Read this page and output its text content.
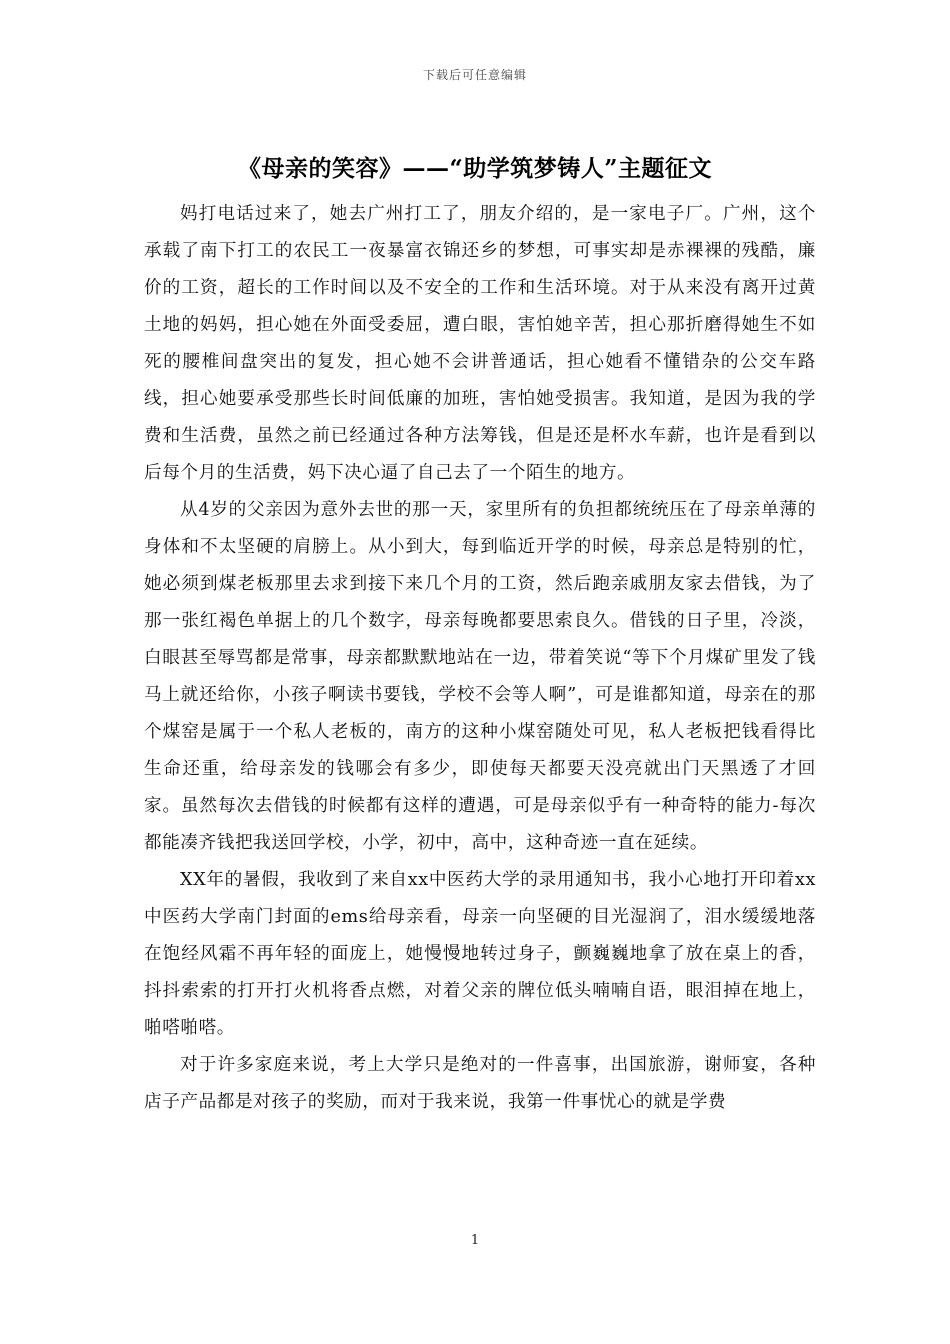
下载后可任意编辑
《母亲的笑容》——“助学筑梦铸人”主题征文

妈打电话过来了，她去广州打工了，朋友介绍的，是一家电子厂。广州，这个承载了南下打工的农民工一夜暴富衣锦还乡的梦想，可事实却是赤裸裸的残酷，廉价的工资，超长的工作时间以及不安全的工作和生活环境。对于从来没有离开过黄土地的妈妈，担心她在外面受委屈，遭白眼，害怕她辛苦，担心那折磨得她生不如死的腰椎间盘突出的复发，担心她不会讲普通话，担心她看不懂错杂的公交车路线，担心她要承受那些长时间低廉的加班，害怕她受损害。我知道，是因为我的学费和生活费，虽然之前已经通过各种方法筹钱，但是还是杯水车薪，也许是看到以后每个月的生活费，妈下决心逼了自己去了一个陌生的地方。

从4岁的父亲因为意外去世的那一天，家里所有的负担都统统压在了母亲单薄的身体和不太坚硬的肩膀上。从小到大，每到临近开学的时候，母亲总是特别的忙，她必须到煤老板那里去求到接下来几个月的工资，然后跑亲戚朋友家去借钱，为了那一张红褐色单据上的几个数字，母亲每晚都要思索良久。借钱的日子里，冷淡，白眼甚至辱骂都是常事，母亲都默默地站在一边，带着笑说“等下个月煤矿里发了钱马上就还给你，小孩子啊读书要钱，学校不会等人啊”，可是谁都知道，母亲在的那个煤窑是属于一个私人老板的，南方的这种小煤窑随处可见，私人老板把钱看得比生命还重，给母亲发的钱哪会有多少，即使每天都要天没亮就出门天黑透了才回家。虽然每次去借钱的时候都有这样的遭遇，可是母亲似乎有一种奇特的能力-每次都能凑齐钱把我送回学校，小学，初中，高中，这种奇迹一直在延续。

XX年的暑假，我收到了来自xx中医药大学的录用通知书，我小心地打开印着xx中医药大学南门封面的ems给母亲看，母亲一向坚硬的目光湿润了，泪水缓缓地落在饱经风霜不再年轻的面庞上，她慢慢地转过身子，颤巍巍地拿了放在桌上的香，抖抖索索的打开打火机将香点燃，对着父亲的牌位低头喃喃自语，眼泪掉在地上，啪嗒啪嗒。

对于许多家庭来说，考上大学只是绝对的一件喜事，出国旅游，谢师宴，各种店子产品都是对孩子的奖励，而对于我来说，我第一件事忧心的就是学费

1
